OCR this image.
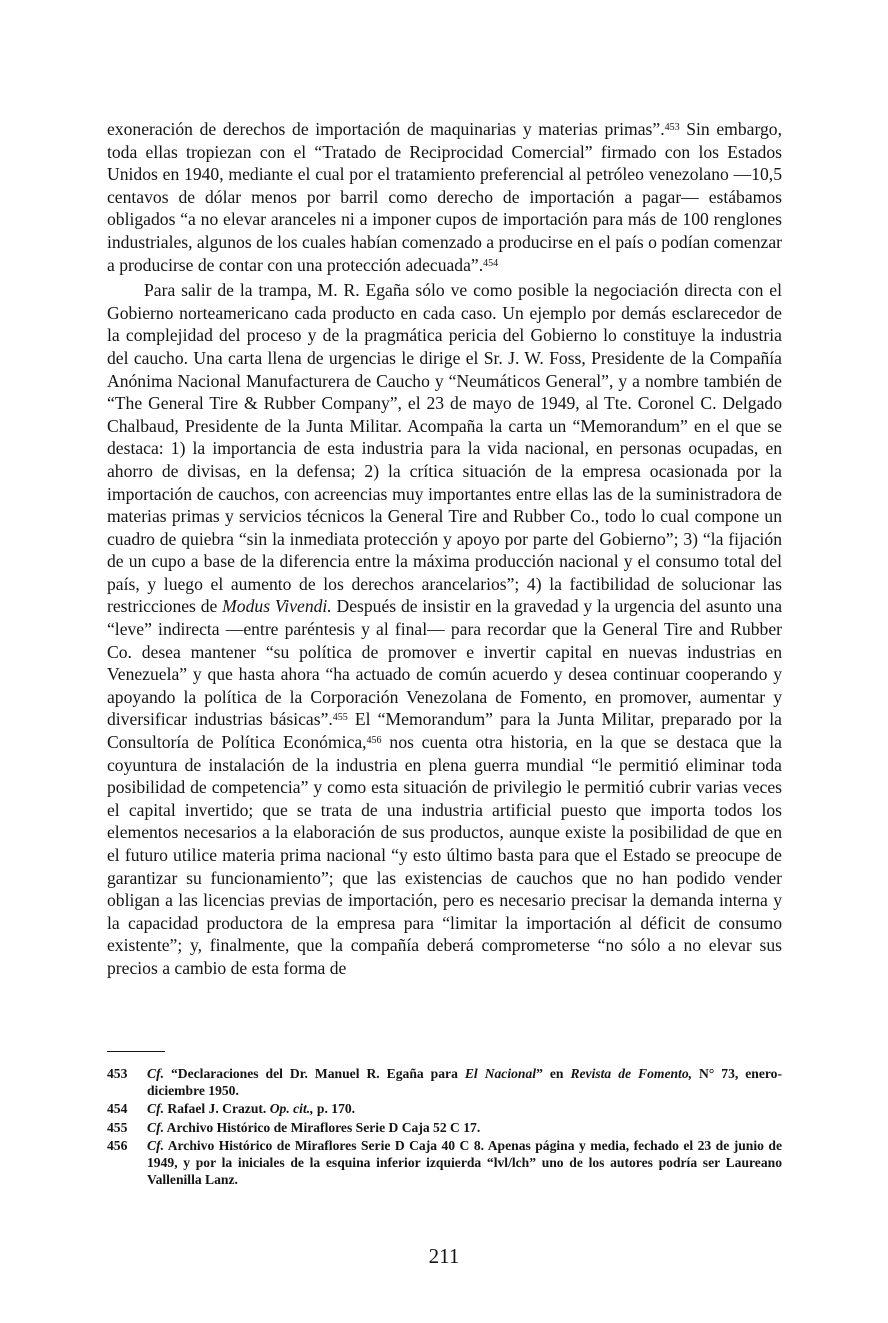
exoneración de derechos de importación de maquinarias y materias primas”.$^{453}$ Sin embargo, toda ellas tropiezan con el “Tratado de Reciprocidad Comercial” firmado con los Estados Unidos en 1940, mediante el cual por el tratamiento preferencial al petróleo venezolano —10,5 centavos de dólar menos por barril como derecho de importación a pagar— estábamos obligados “a no elevar aranceles ni a imponer cupos de importación para más de 100 renglones industriales, algunos de los cuales habían comenzado a producirse en el país o podían comenzar a producirse de contar con una protección adecuada”.$^{454}$

Para salir de la trampa, M. R. Egaña sólo ve como posible la negociación directa con el Gobierno norteamericano cada producto en cada caso. Un ejemplo por demás esclarecedor de la complejidad del proceso y de la pragmática pericia del Gobierno lo constituye la industria del caucho. Una carta llena de urgencias le dirige el Sr. J. W. Foss, Presidente de la Compañía Anónima Nacional Manufacturera de Caucho y “Neumáticos General”, y a nombre también de “The General Tire & Rubber Company”, el 23 de mayo de 1949, al Tte. Coronel C. Delgado Chalbaud, Presidente de la Junta Militar. Acompaña la carta un “Memorandum” en el que se destaca: 1) la importancia de esta industria para la vida nacional, en personas ocupadas, en ahorro de divisas, en la defensa; 2) la crítica situación de la empresa ocasionada por la importación de cauchos, con acreencias muy importantes entre ellas las de la suministradora de materias primas y servicios técnicos la General Tire and Rubber Co., todo lo cual compone un cuadro de quiebra “sin la inmediata protección y apoyo por parte del Gobierno”; 3) “la fijación de un cupo a base de la diferencia entre la máxima producción nacional y el consumo total del país, y luego el aumento de los derechos arancelarios”; 4) la factibilidad de solucionar las restricciones de Modus Vivendi. Después de insistir en la gravedad y la urgencia del asunto una “leve” indirecta —entre paréntesis y al final— para recordar que la General Tire and Rubber Co. desea mantener “su política de promover e invertir capital en nuevas industrias en Venezuela” y que hasta ahora “ha actuado de común acuerdo y desea continuar cooperando y apoyando la política de la Corporación Venezolana de Fomento, en promover, aumentar y diversificar industrias básicas”.$^{455}$ El “Memorandum” para la Junta Militar, preparado por la Consultoría de Política Económica,$^{456}$ nos cuenta otra historia, en la que se destaca que la coyuntura de instalación de la industria en plena guerra mundial “le permitió eliminar toda posibilidad de competencia” y como esta situación de privilegio le permitió cubrir varias veces el capital invertido; que se trata de una industria artificial puesto que importa todos los elementos necesarios a la elaboración de sus productos, aunque existe la posibilidad de que en el futuro utilice materia prima nacional “y esto último basta para que el Estado se preocupe de garantizar su funcionamiento”; que las existencias de cauchos que no han podido vender obligan a las licencias previas de importación, pero es necesario precisar la demanda interna y la capacidad productora de la empresa para “limitar la importación al déficit de consumo existente”; y, finalmente, que la compañía deberá comprometerse “no sólo a no elevar sus precios a cambio de esta forma de

453 Cf. “Declaraciones del Dr. Manuel R. Egaña para El Nacional” en Revista de Fomento, N° 73, enero-diciembre 1950.
454 Cf. Rafael J. Crazut. Op. cit., p. 170.
455 Cf. Archivo Histórico de Miraflores Serie D Caja 52 C 17.
456 Cf. Archivo Histórico de Miraflores Serie D Caja 40 C 8. Apenas página y media, fechado el 23 de junio de 1949, y por la iniciales de la esquina inferior izquierda “lvl/lch” uno de los autores podría ser Laureano Vallenilla Lanz.
211
